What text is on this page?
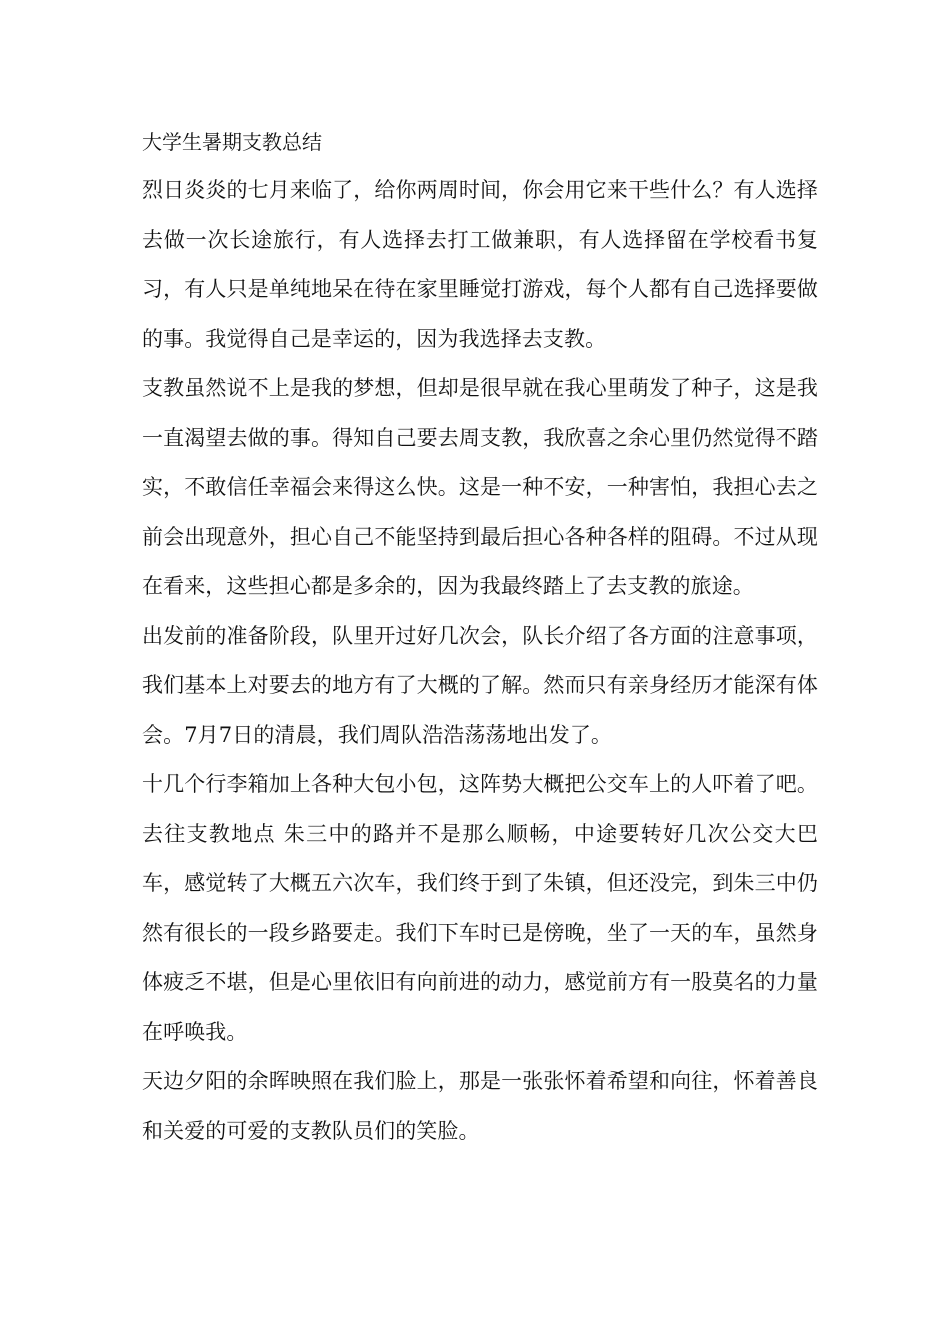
大学生暑期支教总结

烈日炎炎的七月来临了，给你两周时间，你会用它来干些什么？有人选择去做一次长途旅行，有人选择去打工做兼职，有人选择留在学校看书复习，有人只是单纯地呆在待在家里睡觉打游戏，每个人都有自己选择要做的事。我觉得自己是幸运的，因为我选择去支教。

支教虽然说不上是我的梦想，但却是很早就在我心里萌发了种子，这是我一直渴望去做的事。得知自己要去周支教，我欣喜之余心里仍然觉得不踏实，不敢信任幸福会来得这么快。这是一种不安，一种害怕，我担心去之前会出现意外，担心自己不能坚持到最后担心各种各样的阻碍。不过从现在看来，这些担心都是多余的，因为我最终踏上了去支教的旅途。

出发前的准备阶段，队里开过好几次会，队长介绍了各方面的注意事项，我们基本上对要去的地方有了大概的了解。然而只有亲身经历才能深有体会。7月7日的清晨，我们周队浩浩荡荡地出发了。

十几个行李箱加上各种大包小包，这阵势大概把公交车上的人吓着了吧。去往支教地点 朱三中的路并不是那么顺畅，中途要转好几次公交大巴车，感觉转了大概五六次车，我们终于到了朱镇，但还没完，到朱三中仍然有很长的一段乡路要走。我们下车时已是傍晚，坐了一天的车，虽然身体疲乏不堪，但是心里依旧有向前进的动力，感觉前方有一股莫名的力量在呼唤我。

天边夕阳的余晖映照在我们脸上，那是一张张怀着希望和向往，怀着善良和关爱的可爱的支教队员们的笑脸。
